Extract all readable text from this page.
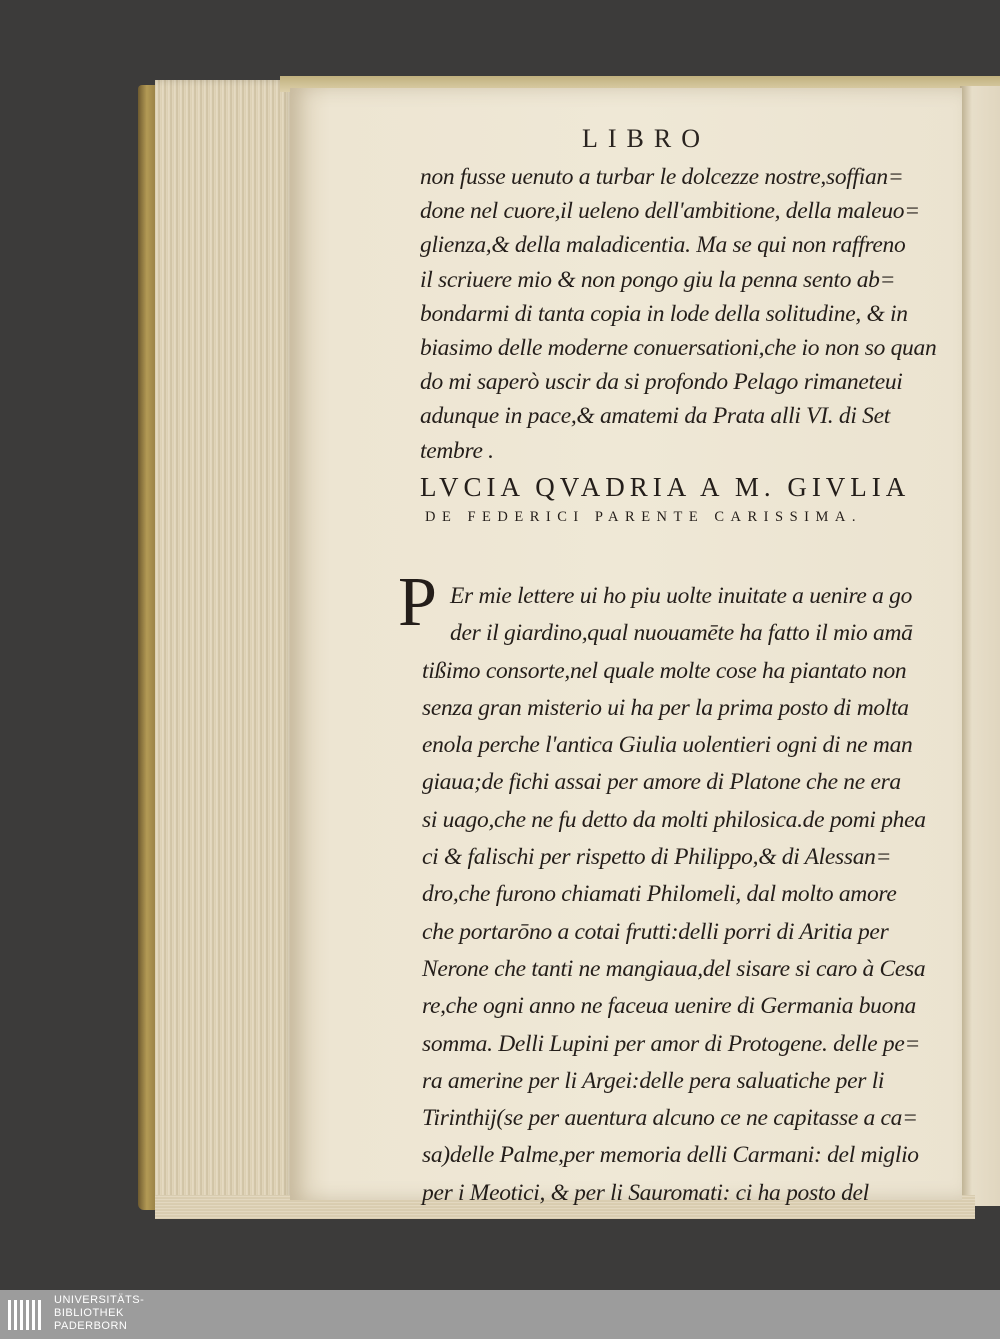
LIBRO
non fusse uenuto a turbar le dolcezze nostre,soffian=
done nel cuore,il ueleno dell'ambitione, della maleuo=
glienza,& della maladicentia. Ma se qui non raffreno
il scriuere mio & non pongo giu la penna sento ab=
bondarmi di tanta copia in lode della solitudine, & in
biasimo delle moderne conuersationi,che io non so quan
do mi saperò uscir da si profondo Pelago rimaneteui
adunque in pace,& amatemi da Prata alli VI. di Set
tembre .
LVCIA QVADRIA A M. GIVLIA
DE FEDERICI PARENTE CARISSIMA.
P Er mie lettere ui ho piu uolte inuitate a uenire a go
der il giardino,qual nuouamēte ha fatto il mio amā
tißimo consorte,nel quale molte cose ha piantato non
senza gran misterio ui ha per la prima posto di molta
enola perche l'antica Giulia uolentieri ogni di ne man
giaua;de fichi assai per amore di Platone che ne era
si uago,che ne fu detto da molti philosica.de pomi phea
ci & falischi per rispetto di Philippo,& di Alessan=
dro,che furono chiamati Philomeli, dal molto amore
che portarōno a cotai frutti:delli porri di Aritia per
Nerone che tanti ne mangiaua,del sisare si caro à Cesa
re,che ogni anno ne faceua uenire di Germania buona
somma. Delli Lupini per amor di Protogene. delle pe=
ra amerine per li Argei:delle pera saluatiche per li
Tirinthij(se per auentura alcuno ce ne capitasse a ca=
sa)delle Palme,per memoria delli Carmani: del miglio
per i Meotici, & per li Sauromati: ci ha posto del
UNIVERSITÄTS-
BIBLIOTHEK
PADERBORN
